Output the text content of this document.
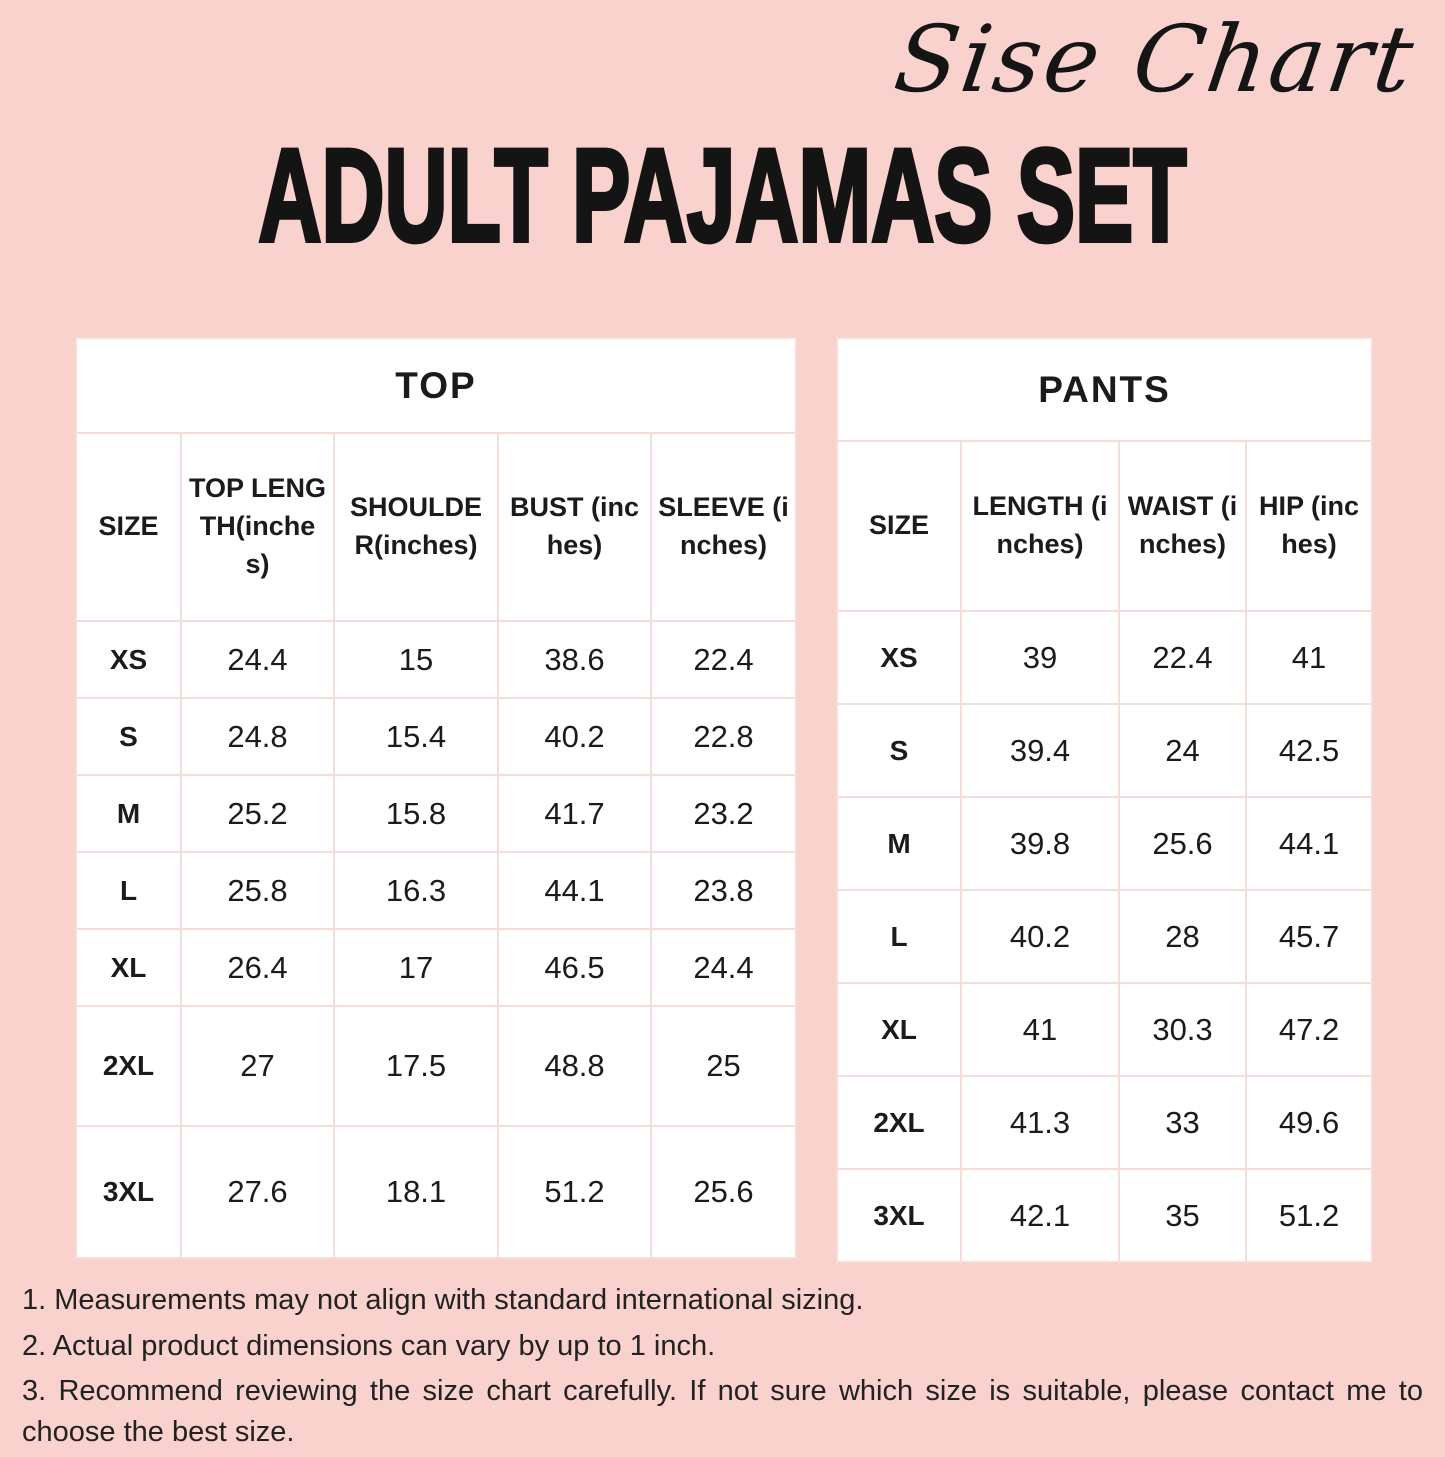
Sise Chart
ADULT PAJAMAS SET
TOP				
SIZE	TOP LENGTH(inches)	SHOULDER(inches)	BUST (inches)	SLEEVE (inches)
XS	24.4	15	38.6	22.4
S	24.8	15.4	40.2	22.8
M	25.2	15.8	41.7	23.2
L	25.8	16.3	44.1	23.8
XL	26.4	17	46.5	24.4
2XL	27	17.5	48.8	25
3XL	27.6	18.1	51.2	25.6
PANTS			
SIZE	LENGTH (inches)	WAIST (inches)	HIP (inches)
XS	39	22.4	41
S	39.4	24	42.5
M	39.8	25.6	44.1
L	40.2	28	45.7
XL	41	30.3	47.2
2XL	41.3	33	49.6
3XL	42.1	35	51.2

1. Measurements may not align with standard international sizing.

2. Actual product dimensions can vary by up to 1 inch.

3. Recommend reviewing the size chart carefully. If not sure which size is suitable, please contact me to choose the best size.
